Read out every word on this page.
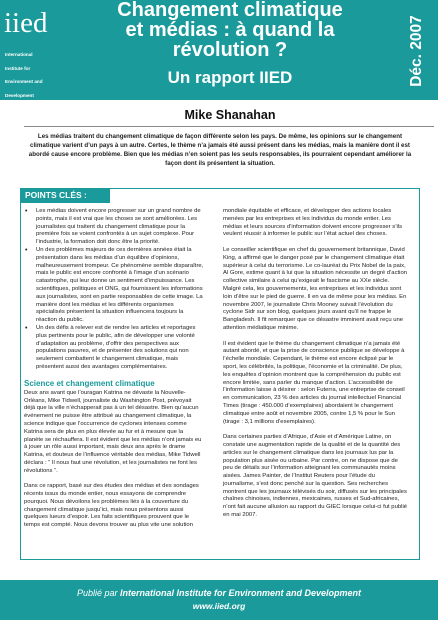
iied
International
Institute for
Environment and
Development
Changement climatique
et médias : à quand la
révolution ?
Un rapport IIED	Déc. 2007
Mike Shanahan
Les médias traitent du changement climatique de façon différente selon les pays. De même, les opinions sur le changement climatique varient d’un pays à un autre. Certes, le thème n’a jamais été aussi présent dans les médias, mais la manière dont il est abordé cause encore problème. Bien que les médias n’en soient pas les seuls responsables, ils pourraient cependant améliorer la façon dont ils présentent la situation.
POINTS CLÉS :
• Les médias doivent encore progresser sur un grand nombre de points, mais il est vrai que les choses se sont améliorées. Les journalistes qui traitent du changement climatique pour la première fois se voient confrontés à un sujet complexe. Pour l’industrie, la formation doit donc être la priorité.
• Un des problèmes majeurs de ces dernières années était la présentation dans les médias d’un équilibre d’opinions, malheureusement trompeur. Ce phénomène semble disparaître, mais le public est encore confronté à l’image d’un scénario catastrophe, qui leur donne un sentiment d’impuissance. Les scientifiques, politiques et ONG, qui fournissent les informations aux journalistes, sont en partie responsables de cette image. La manière dont les médias et les différents organismes spécialisés présentent la situation influencera toujours la réaction du public.
• Un des défis à relever est de rendre les articles et reportages plus pertinents pour le public, afin de développer une volonté d’adaptation au problème, d’offrir des perspectives aux populations pauvres, et de présenter des solutions qui non seulement combattent le changement climatique, mais présentent aussi des avantages complémentaires.
Science et changement climatique
Deux ans avant que l’ouragan Katrina ne dévaste la Nouvelle-Orléans, Mike Tidwell, journaliste du Washington Post, prévoyait déjà que la ville n’échapperait pas à un tel désastre. Bien qu’aucun événement ne puisse être attribué au changement climatique, la science indique que l’occurrence de cyclones intenses comme Katrina sera de plus en plus élevée au fur et à mesure que la planète se réchauffera. Il est évident que les médias n’ont jamais eu à jouer un rôle aussi important, mais deux ans après le drame Katrina, et douteux de l’influence véritable des médias, Mike Tidwell déclara : “ Il nous faut une révolution, et les journalistes ne font les révolutions ”.
Dans ce rapport, basé sur des études des médias et des sondages récents issus du monde entier, nous essayons de comprendre pourquoi. Nous dévoilons les problèmes liés à la couverture du changement climatique jusqu’ici, mais nous présentons aussi quelques lueurs d’espoir. Les faits scientifiques prouvent que le temps est compté. Nous devons trouver au plus vite une solution
mondiale équitable et efficace, et développer des actions locales menées par les entreprises et les individus du monde entier. Les médias et leurs sources d’information doivent encore progresser s’ils veulent réussir à informer le public sur l’état actuel des choses.
Le conseiller scientifique en chef du gouvernement britannique, David King, a affirmé que le danger posé par le changement climatique était supérieur à celui du terrorisme. Le co-lauréat du Prix Nobel de la paix, Al Gore, estime quant à lui que la situation nécessite un degré d’action collective similaire à celui qu’exigeait le fascisme au XXe siècle. Malgré cela, les gouvernements, les entreprises et les individus sont loin d’être sur le pied de guerre. Il en va de même pour les médias. En novembre 2007, le journaliste Chris Mooney suivait l’évolution du cyclone Sidr sur son blog, quelques jours avant qu’il ne frappe le Bangladesh. Il fit remarquer que ce désastre imminent avait reçu une attention médiatique minime.
Il est évident que le thème du changement climatique n’a jamais été autant abordé, et que la prise de conscience publique se développe à l’échelle mondiale. Cependant, le thème est encore éclipsé par le sport, les célébrités, la politique, l’économie et la criminalité. De plus, les enquêtes d’opinion montrent que la compréhension du public est encore limitée, sans parler du manque d’action. L’accessibilité de l’information laisse à désirer : selon Futerra, une entreprise de conseil en communication, 23 % des articles du journal intellectuel Financial Times (tirage : 450.000 d’exemplaires) abordaient le changement climatique entre août et novembre 2005, contre 1,5 % pour le Sun (tirage : 3,1 millions d’exemplaires).
Dans certaines parties d’Afrique, d’Asie et d’Amérique Latine, on constate une augmentation rapide de la qualité et de la quantité des articles sur le changement climatique dans les journaux lus par la population plus aisée ou urbaine. Par contre, on ne dispose que de peu de détails sur l’information atteignant les communautés moins aisées. James Painter, de l’Institut Reuters pour l’étude du journalisme, s’est donc penché sur la question. Ses recherches montrent que les journaux télévisés du soir, diffusés sur les principales chaînes chinoises, indiennes, mexicaines, russes et Sud-africaines, n’ont fait aucune allusion au rapport du GIEC lorsque celui-ci fut publié en mai 2007.
Publié par International Institute for Environment and Development
www.iied.org
